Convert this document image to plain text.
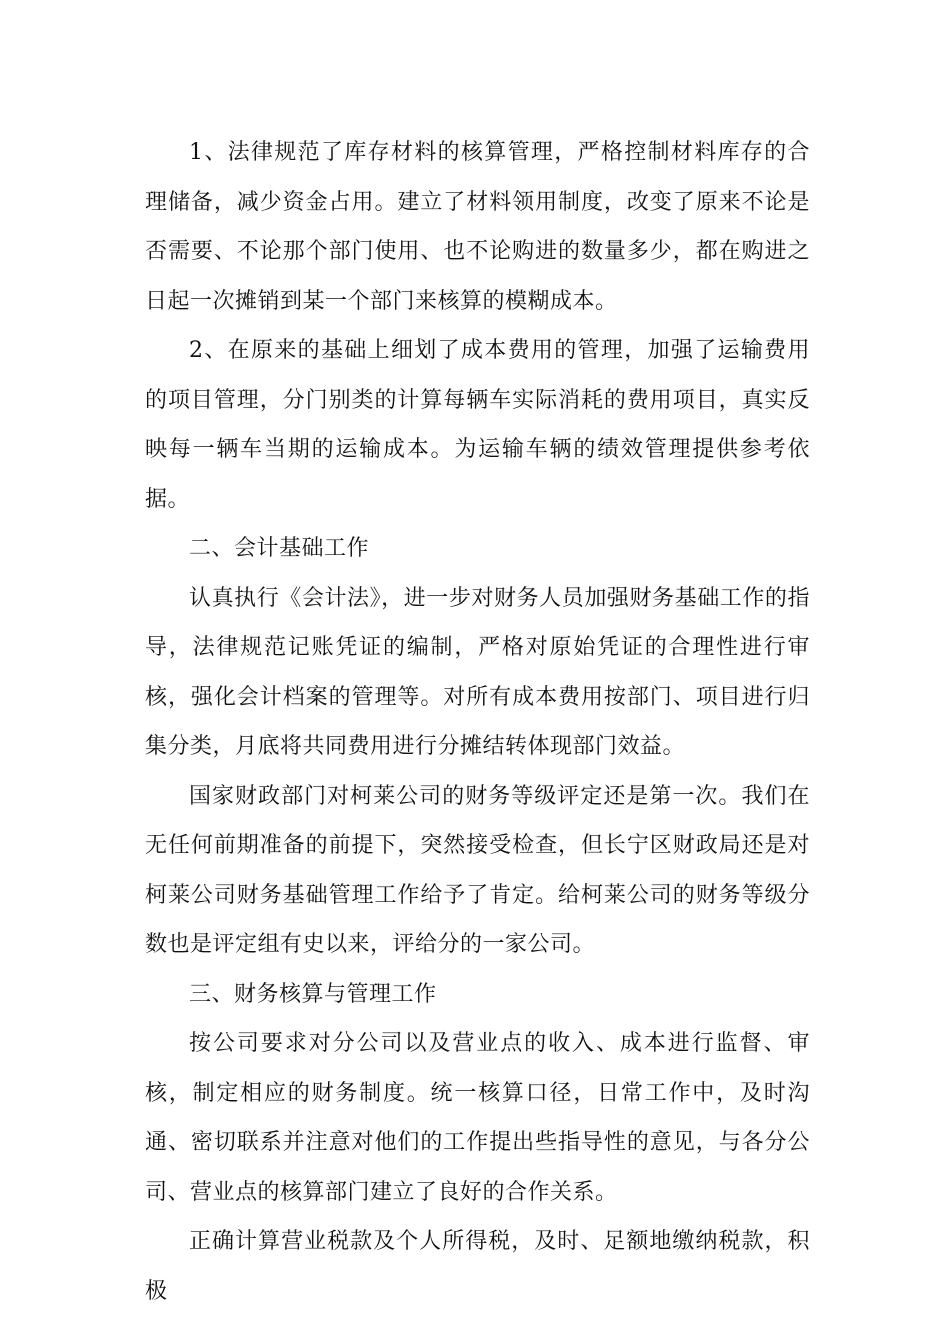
1、法律规范了库存材料的核算管理，严格控制材料库存的合理储备，减少资金占用。建立了材料领用制度，改变了原来不论是否需要、不论那个部门使用、也不论购进的数量多少，都在购进之日起一次摊销到某一个部门来核算的模糊成本。

2、在原来的基础上细划了成本费用的管理，加强了运输费用的项目管理，分门别类的计算每辆车实际消耗的费用项目，真实反映每一辆车当期的运输成本。为运输车辆的绩效管理提供参考依据。

二、会计基础工作

认真执行《会计法》，进一步对财务人员加强财务基础工作的指导，法律规范记账凭证的编制，严格对原始凭证的合理性进行审核，强化会计档案的管理等。对所有成本费用按部门、项目进行归集分类，月底将共同费用进行分摊结转体现部门效益。

国家财政部门对柯莱公司的财务等级评定还是第一次。我们在无任何前期准备的前提下，突然接受检查，但长宁区财政局还是对柯莱公司财务基础管理工作给予了肯定。给柯莱公司的财务等级分数也是评定组有史以来，评给分的一家公司。

三、财务核算与管理工作

按公司要求对分公司以及营业点的收入、成本进行监督、审核，制定相应的财务制度。统一核算口径，日常工作中，及时沟通、密切联系并注意对他们的工作提出些指导性的意见，与各分公司、营业点的核算部门建立了良好的合作关系。

正确计算营业税款及个人所得税，及时、足额地缴纳税款，积极
